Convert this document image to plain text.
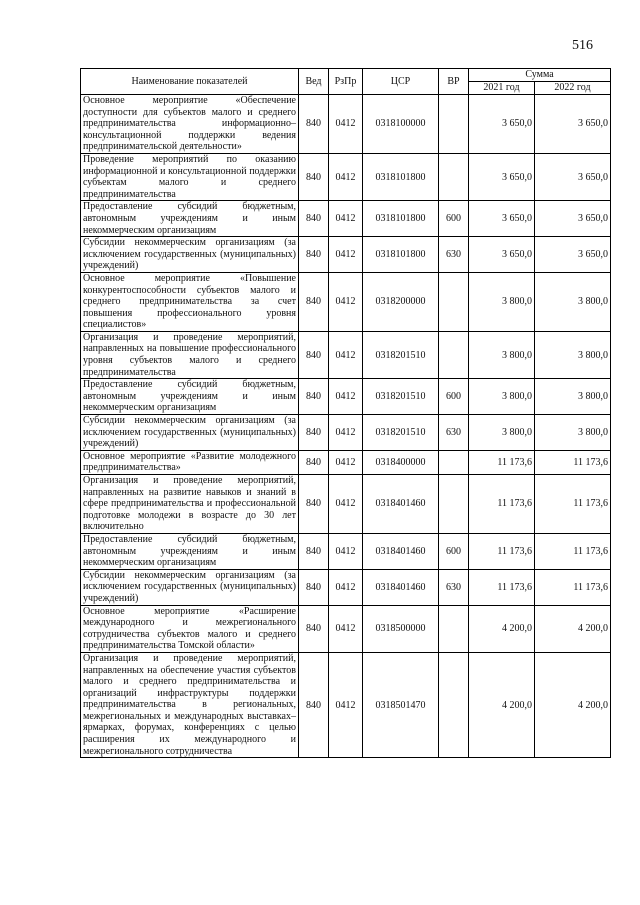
516
Наименование показателей	Вед	РзПр	ЦСР	ВР	Сумма	
					2021 год	2022 год
Основное мероприятие «Обеспечение доступности для субъектов малого и среднего предпринимательства информационно–консультационной поддержки ведения предпринимательской деятельности»	840	0412	0318100000		3 650,0	3 650,0
Проведение мероприятий по оказанию информационной и консультационной поддержки субъектам малого и среднего предпринимательства	840	0412	0318101800		3 650,0	3 650,0
Предоставление субсидий бюджетным, автономным учреждениям и иным некоммерческим организациям	840	0412	0318101800	600	3 650,0	3 650,0
Субсидии некоммерческим организациям (за исключением государственных (муниципальных) учреждений)	840	0412	0318101800	630	3 650,0	3 650,0
Основное мероприятие «Повышение конкурентоспособности субъектов малого и среднего предпринимательства за счет повышения профессионального уровня специалистов»	840	0412	0318200000		3 800,0	3 800,0
Организация и проведение мероприятий, направленных на повышение профессионального уровня субъектов малого и среднего предпринимательства	840	0412	0318201510		3 800,0	3 800,0
Предоставление субсидий бюджетным, автономным учреждениям и иным некоммерческим организациям	840	0412	0318201510	600	3 800,0	3 800,0
Субсидии некоммерческим организациям (за исключением государственных (муниципальных) учреждений)	840	0412	0318201510	630	3 800,0	3 800,0
Основное мероприятие «Развитие молодежного предпринимательства»	840	0412	0318400000		11 173,6	11 173,6
Организация и проведение мероприятий, направленных на развитие навыков и знаний в сфере предпринимательства и профессиональной подготовке молодежи в возрасте до 30 лет включительно	840	0412	0318401460		11 173,6	11 173,6
Предоставление субсидий бюджетным, автономным учреждениям и иным некоммерческим организациям	840	0412	0318401460	600	11 173,6	11 173,6
Субсидии некоммерческим организациям (за исключением государственных (муниципальных) учреждений)	840	0412	0318401460	630	11 173,6	11 173,6
Основное мероприятие «Расширение международного и межрегионального сотрудничества субъектов малого и среднего предпринимательства Томской области»	840	0412	0318500000		4 200,0	4 200,0
Организация и проведение мероприятий, направленных на обеспечение участия субъектов малого и среднего предпринимательства и организаций инфраструктуры поддержки предпринимательства в региональных, межрегиональных и международных выставках–ярмарках, форумах, конференциях с целью расширения их международного и межрегионального сотрудничества	840	0412	0318501470		4 200,0	4 200,0
